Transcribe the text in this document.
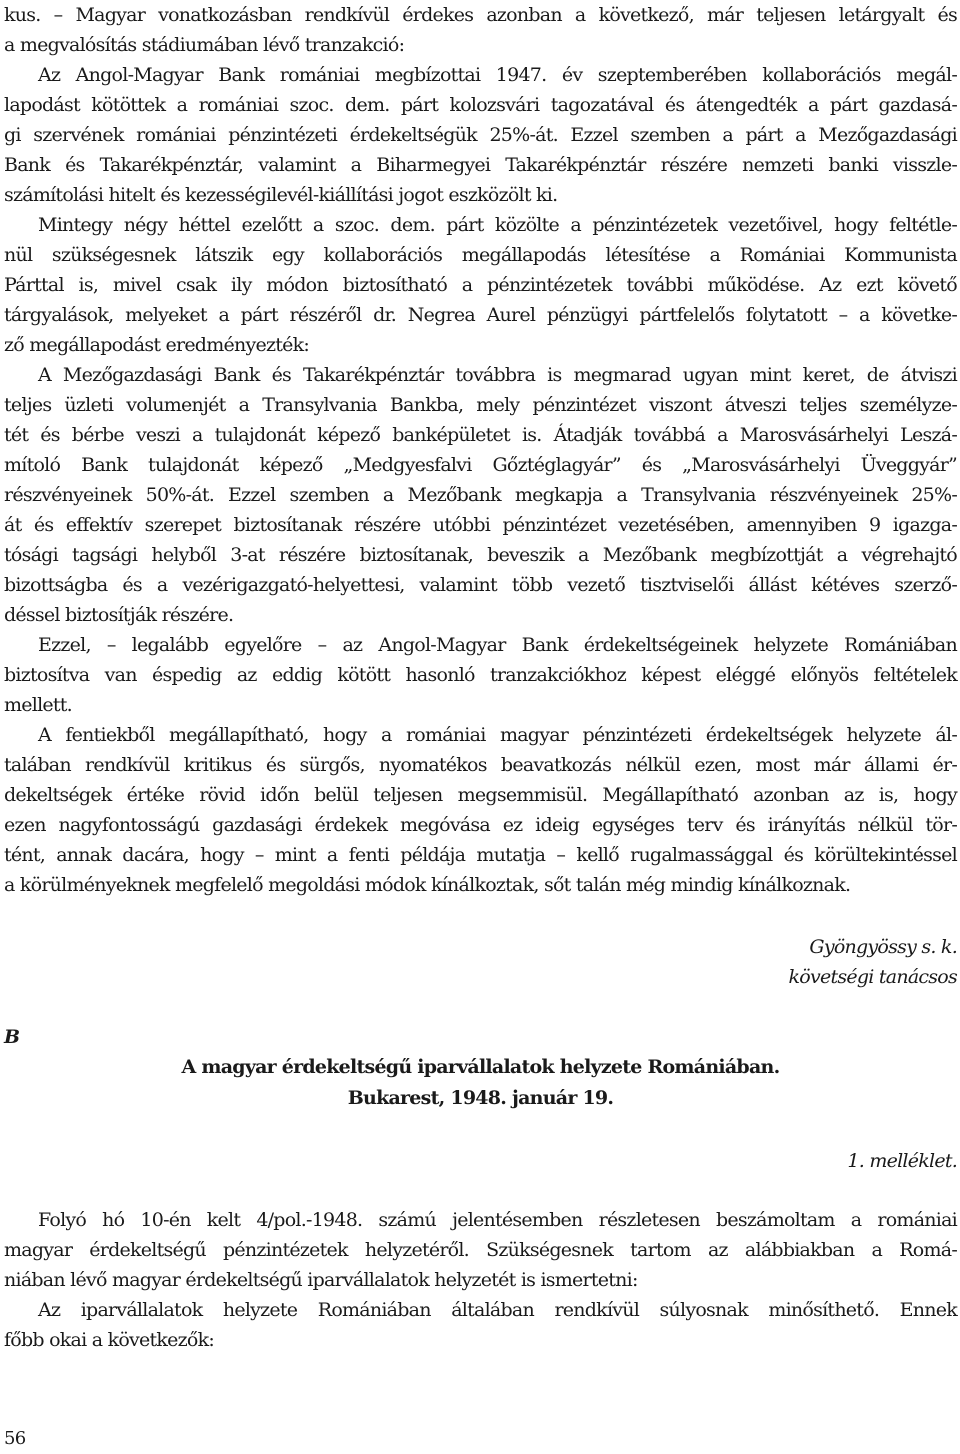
kus. – Magyar vonatkozásban rendkívül érdekes azonban a következő, már teljesen letárgyalt és
a megvalósítás stádiumában lévő tranzakció:
Az Angol-Magyar Bank romániai megbízottai 1947. év szeptemberében kollaborációs megál-
lapodást kötöttek a romániai szoc. dem. párt kolozsvári tagozatával és átengedték a párt gazdasá-
gi szervének romániai pénzintézeti érdekeltségük 25%-át. Ezzel szemben a párt a Mezőgazdasági
Bank és Takarékpénztár, valamint a Biharmegyei Takarékpénztár részére nemzeti banki visszle-
számítolási hitelt és kezességilevél-kiállítási jogot eszközölt ki.
Mintegy négy héttel ezelőtt a szoc. dem. párt közölte a pénzintézetek vezetőivel, hogy feltétle-
nül szükségesnek látszik egy kollaborációs megállapodás létesítése a Romániai Kommunista
Párttal is, mivel csak ily módon biztosítható a pénzintézetek további működése. Az ezt követő
tárgyalások, melyeket a párt részéről dr. Negrea Aurel pénzügyi pártfelelős folytatott – a követke-
ző megállapodást eredményezték:
A Mezőgazdasági Bank és Takarékpénztár továbbra is megmarad ugyan mint keret, de átviszi
teljes üzleti volumenjét a Transylvania Bankba, mely pénzintézet viszont átveszi teljes személyze-
tét és bérbe veszi a tulajdonát képező banképületet is. Átadják továbbá a Marosvásárhelyi Leszá-
mítoló Bank tulajdonát képező „Medgyesfalvi Gőztéglagyár” és „Marosvásárhelyi Üveggyár”
részvényeinek 50%-át. Ezzel szemben a Mezőbank megkapja a Transylvania részvényeinek 25%-
át és effektív szerepet biztosítanak részére utóbbi pénzintézet vezetésében, amennyiben 9 igazga-
tósági tagsági helyből 3-at részére biztosítanak, beveszik a Mezőbank megbízottját a végrehajtó
bizottságba és a vezérigazgató-helyettesi, valamint több vezető tisztviselői állást kétéves szerző-
déssel biztosítják részére.
Ezzel, – legalább egyelőre – az Angol-Magyar Bank érdekeltségeinek helyzete Romániában
biztosítva van éspedig az eddig kötött hasonló tranzakciókhoz képest eléggé előnyös feltételek
mellett.
A fentiekből megállapítható, hogy a romániai magyar pénzintézeti érdekeltségek helyzete ál-
talában rendkívül kritikus és sürgős, nyomatékos beavatkozás nélkül ezen, most már állami ér-
dekeltségek értéke rövid időn belül teljesen megsemmisül. Megállapítható azonban az is, hogy
ezen nagyfontosságú gazdasági érdekek megóvása ez ideig egységes terv és irányítás nélkül tör-
tént, annak dacára, hogy – mint a fenti példája mutatja – kellő rugalmassággal és körültekintéssel
a körülményeknek megfelelő megoldási módok kínálkoztak, sőt talán még mindig kínálkoznak.
Gyöngyössy s. k.
követségi tanácsos
B
A magyar érdekeltségű iparvállalatok helyzete Romániában.
Bukarest, 1948. január 19.
1. melléklet.
Folyó hó 10-én kelt 4/pol.-1948. számú jelentésemben részletesen beszámoltam a romániai
magyar érdekeltségű pénzintézetek helyzetéről. Szükségesnek tartom az alábbiakban a Romá-
niában lévő magyar érdekeltségű iparvállalatok helyzetét is ismertetni:
Az iparvállalatok helyzete Romániában általában rendkívül súlyosnak minősíthető. Ennek
főbb okai a következők:
56
